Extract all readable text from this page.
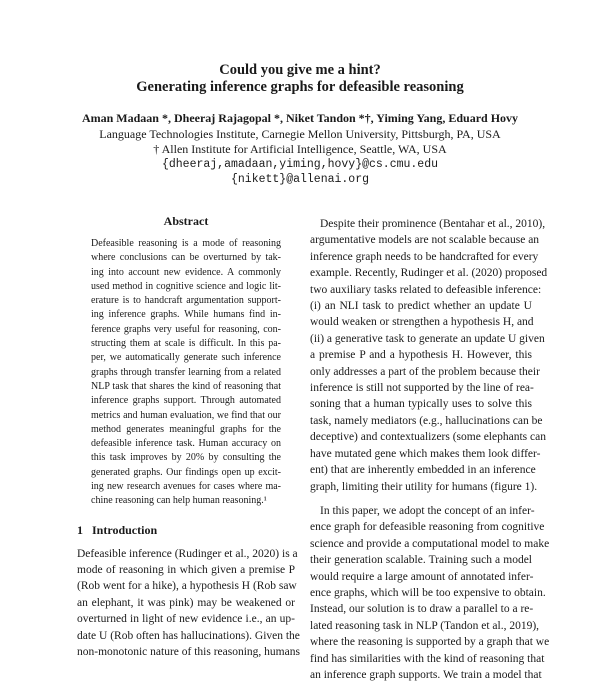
Could you give me a hint?
Generating inference graphs for defeasible reasoning
Aman Madaan *, Dheeraj Rajagopal *, Niket Tandon *†, Yiming Yang, Eduard Hovy
Language Technologies Institute, Carnegie Mellon University, Pittsburgh, PA, USA
† Allen Institute for Artificial Intelligence, Seattle, WA, USA
{dheeraj,amadaan,yiming,hovy}@cs.cmu.edu
{nikett}@allenai.org
Abstract
Defeasible reasoning is a mode of reasoning
where conclusions can be overturned by tak-
ing into account new evidence. A commonly
used method in cognitive science and logic lit-
erature is to handcraft argumentation support-
ing inference graphs. While humans find in-
ference graphs very useful for reasoning, con-
structing them at scale is difficult. In this pa-
per, we automatically generate such inference
graphs through transfer learning from a related
NLP task that shares the kind of reasoning that
inference graphs support. Through automated
metrics and human evaluation, we find that our
method generates meaningful graphs for the
defeasible inference task. Human accuracy on
this task improves by 20% by consulting the
generated graphs. Our findings open up excit-
ing new research avenues for cases where ma-
chine reasoning can help human reasoning.¹
1   Introduction
Defeasible inference (Rudinger et al., 2020) is a
mode of reasoning in which given a premise P
(Rob went for a hike), a hypothesis H (Rob saw
an elephant, it was pink) may be weakened or
overturned in light of new evidence i.e., an up-
date U (Rob often has hallucinations). Given the
non-monotonic nature of this reasoning, humans
Despite their prominence (Bentahar et al., 2010),
argumentative models are not scalable because an
inference graph needs to be handcrafted for every
example. Recently, Rudinger et al. (2020) proposed
two auxiliary tasks related to defeasible inference:
(i) an NLI task to predict whether an update U
would weaken or strengthen a hypothesis H, and
(ii) a generative task to generate an update U given
a premise P and a hypothesis H. However, this
only addresses a part of the problem because their
inference is still not supported by the line of rea-
soning that a human typically uses to solve this
task, namely mediators (e.g., hallucinations can be
deceptive) and contextualizers (some elephants can
have mutated gene which makes them look differ-
ent) that are inherently embedded in an inference
graph, limiting their utility for humans (figure 1).
In this paper, we adopt the concept of an infer-
ence graph for defeasible reasoning from cognitive
science and provide a computational model to make
their generation scalable. Training such a model
would require a large amount of annotated infer-
ence graphs, which will be too expensive to obtain.
Instead, our solution is to draw a parallel to a re-
lated reasoning task in NLP (Tandon et al., 2019),
where the reasoning is supported by a graph that we
find has similarities with the kind of reasoning that
an inference graph supports. We train a model that
